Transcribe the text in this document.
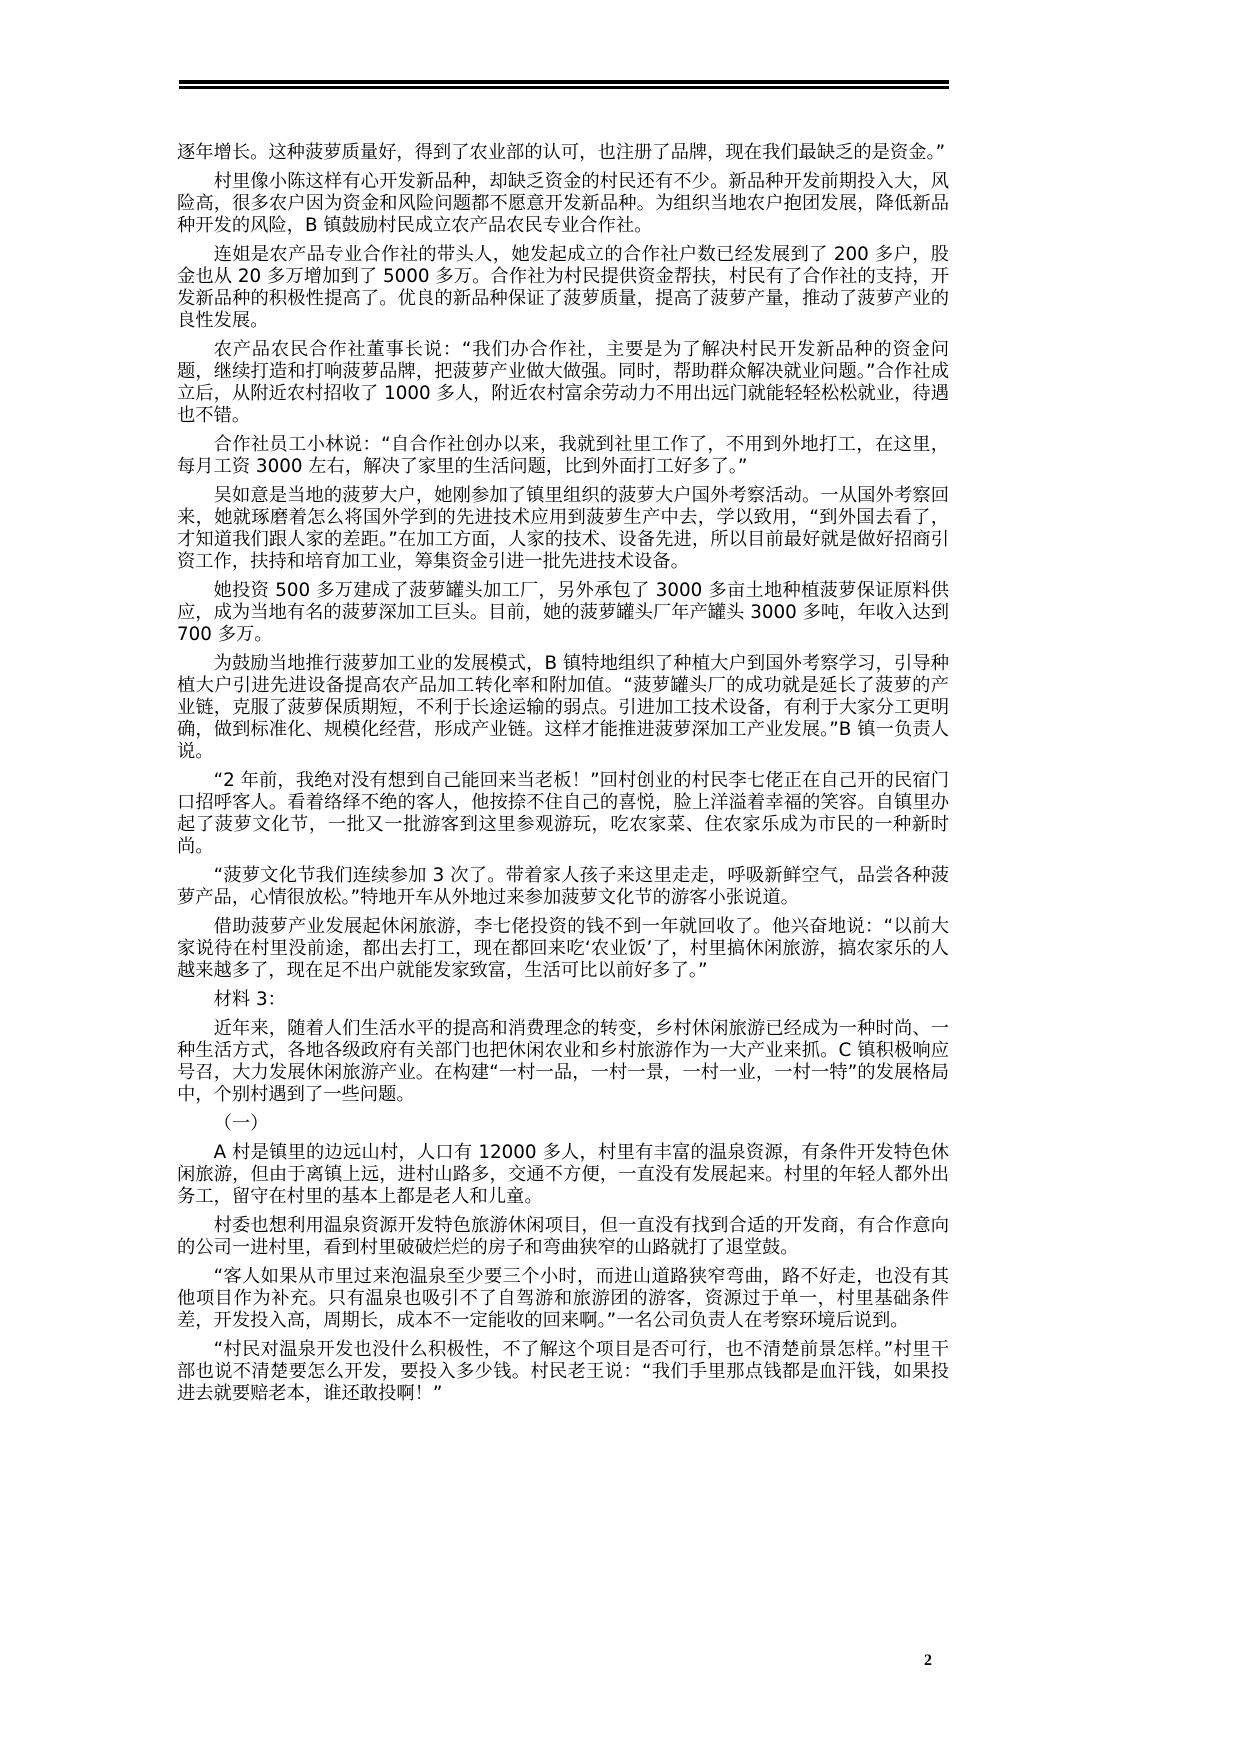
逐年增长。这种菠萝质量好，得到了农业部的认可，也注册了品牌，现在我们最缺乏的是资金。”

村里像小陈这样有心开发新品种，却缺乏资金的村民还有不少。新品种开发前期投入大，风险高，很多农户因为资金和风险问题都不愿意开发新品种。为组织当地农户抱团发展，降低新品种开发的风险，B 镇鼓励村民成立农产品农民专业合作社。

连姐是农产品专业合作社的带头人，她发起成立的合作社户数已经发展到了 200 多户，股金也从 20 多万增加到了 5000 多万。合作社为村民提供资金帮扶，村民有了合作社的支持，开发新品种的积极性提高了。优良的新品种保证了菠萝质量，提高了菠萝产量，推动了菠萝产业的良性发展。

农产品农民合作社董事长说：“我们办合作社，主要是为了解决村民开发新品种的资金问题，继续打造和打响菠萝品牌，把菠萝产业做大做强。同时，帮助群众解决就业问题。”合作社成立后，从附近农村招收了 1000 多人，附近农村富余劳动力不用出远门就能轻轻松松就业，待遇也不错。

合作社员工小林说：“自合作社创办以来，我就到社里工作了，不用到外地打工，在这里，每月工资 3000 左右，解决了家里的生活问题，比到外面打工好多了。”

吴如意是当地的菠萝大户，她刚参加了镇里组织的菠萝大户国外考察活动。一从国外考察回来，她就琢磨着怎么将国外学到的先进技术应用到菠萝生产中去，学以致用，“到外国去看了，才知道我们跟人家的差距。”在加工方面，人家的技术、设备先进，所以目前最好就是做好招商引资工作，扶持和培育加工业，筹集资金引进一批先进技术设备。

她投资 500 多万建成了菠萝罐头加工厂，另外承包了 3000 多亩土地种植菠萝保证原料供应，成为当地有名的菠萝深加工巨头。目前，她的菠萝罐头厂年产罐头 3000 多吨，年收入达到 700 多万。

为鼓励当地推行菠萝加工业的发展模式，B 镇特地组织了种植大户到国外考察学习，引导种植大户引进先进设备提高农产品加工转化率和附加值。“菠萝罐头厂的成功就是延长了菠萝的产业链，克服了菠萝保质期短，不利于长途运输的弱点。引进加工技术设备，有利于大家分工更明确，做到标准化、规模化经营，形成产业链。这样才能推进菠萝深加工产业发展。”B 镇一负责人说。

“2 年前，我绝对没有想到自己能回来当老板！”回村创业的村民李七佬正在自己开的民宿门口招呼客人。看着络绎不绝的客人，他按捺不住自己的喜悦，脸上洋溢着幸福的笑容。自镇里办起了菠萝文化节，一批又一批游客到这里参观游玩，吃农家菜、住农家乐成为市民的一种新时尚。

“菠萝文化节我们连续参加 3 次了。带着家人孩子来这里走走，呼吸新鲜空气，品尝各种菠萝产品，心情很放松。”特地开车从外地过来参加菠萝文化节的游客小张说道。

借助菠萝产业发展起休闲旅游，李七佬投资的钱不到一年就回收了。他兴奋地说：“以前大家说待在村里没前途，都出去打工，现在都回来吃‘农业饭’了，村里搞休闲旅游，搞农家乐的人越来越多了，现在足不出户就能发家致富，生活可比以前好多了。”

材料 3：

近年来，随着人们生活水平的提高和消费理念的转变，乡村休闲旅游已经成为一种时尚、一种生活方式，各地各级政府有关部门也把休闲农业和乡村旅游作为一大产业来抓。C 镇积极响应号召，大力发展休闲旅游产业。在构建“一村一品，一村一景，一村一业，一村一特”的发展格局中，个别村遇到了一些问题。

（一）

A 村是镇里的边远山村，人口有 12000 多人，村里有丰富的温泉资源，有条件开发特色休闲旅游，但由于离镇上远，进村山路多，交通不方便，一直没有发展起来。村里的年轻人都外出务工，留守在村里的基本上都是老人和儿童。

村委也想利用温泉资源开发特色旅游休闲项目，但一直没有找到合适的开发商，有合作意向的公司一进村里，看到村里破破烂烂的房子和弯曲狭窄的山路就打了退堂鼓。

“客人如果从市里过来泡温泉至少要三个小时，而进山道路狭窄弯曲，路不好走，也没有其他项目作为补充。只有温泉也吸引不了自驾游和旅游团的游客，资源过于单一，村里基础条件差，开发投入高，周期长，成本不一定能收的回来啊。”一名公司负责人在考察环境后说到。

“村民对温泉开发也没什么积极性，不了解这个项目是否可行，也不清楚前景怎样。”村里干部也说不清楚要怎么开发，要投入多少钱。村民老王说：“我们手里那点钱都是血汗钱，如果投进去就要赔老本，谁还敢投啊！”

2
